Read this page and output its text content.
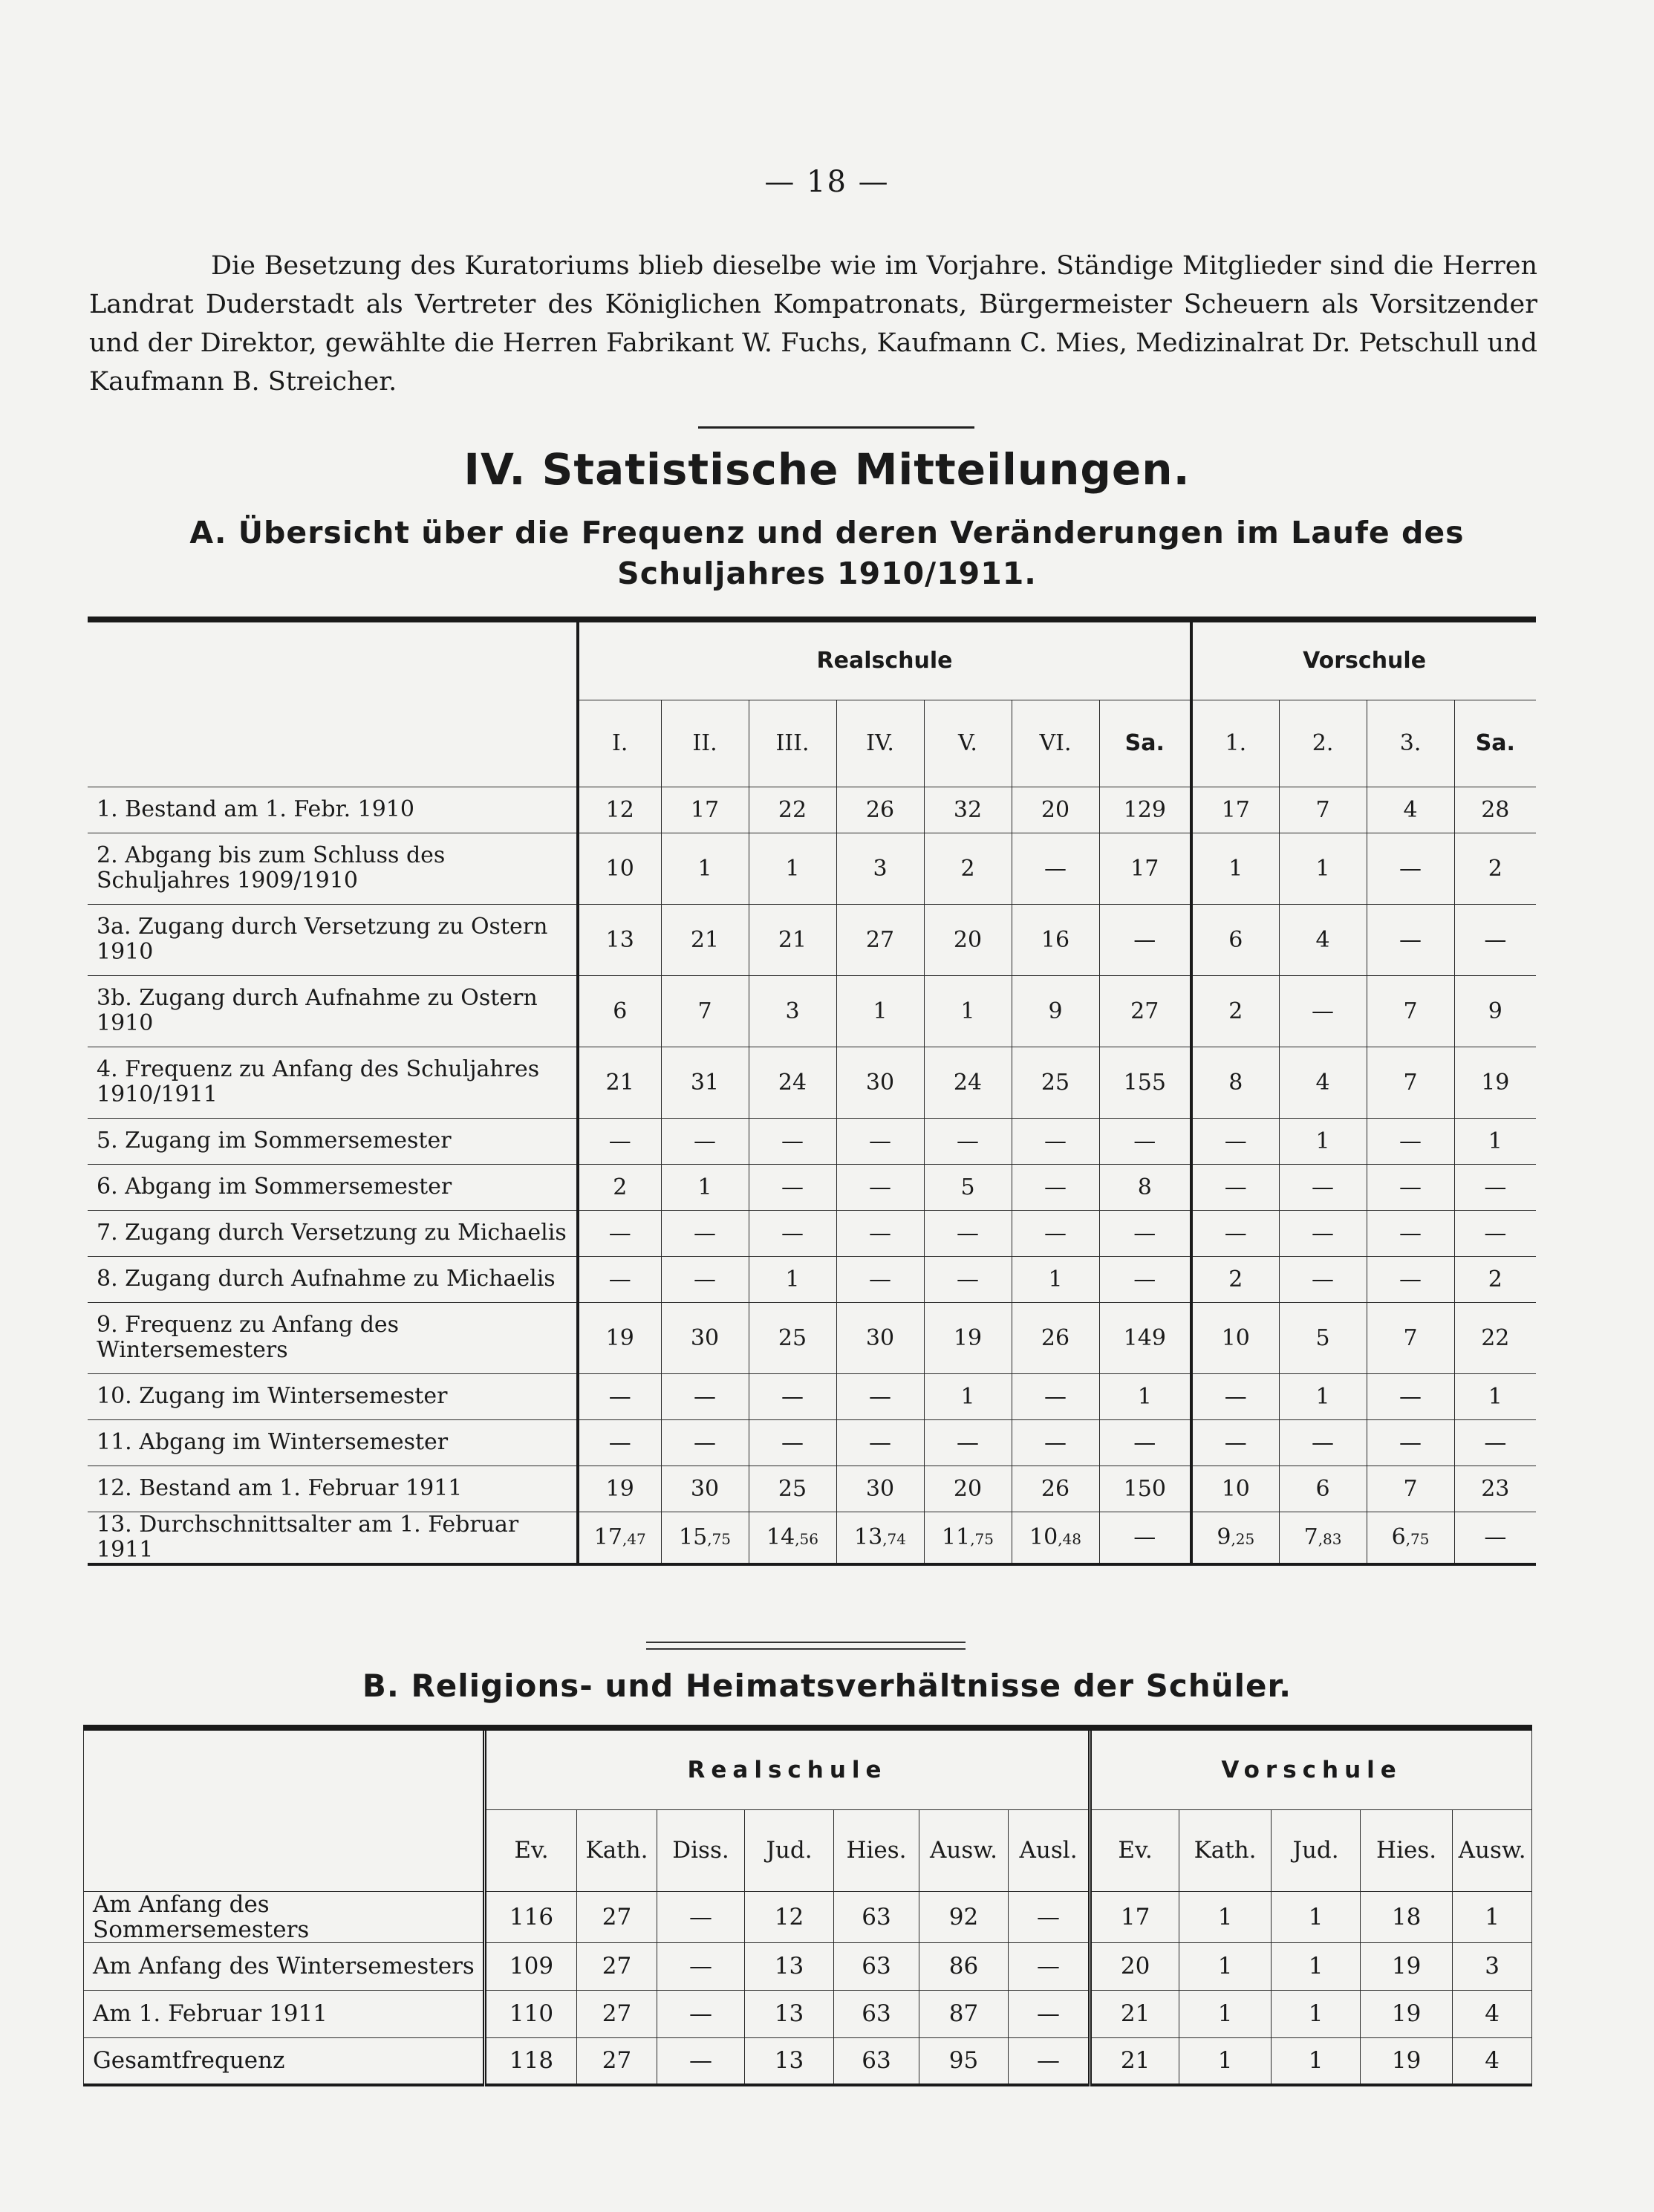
— 18 —

Die Besetzung des Kuratoriums blieb dieselbe wie im Vorjahre. Ständige Mitglieder sind die Herren Landrat Duderstadt als Vertreter des Königlichen Kompatronats, Bürgermeister Scheuern als Vorsitzender und der Direktor, gewählte die Herren Fabrikant W. Fuchs, Kaufmann C. Mies, Medizinalrat Dr. Petschull und Kaufmann B. Streicher.

IV. Statistische Mitteilungen.
A. Übersicht über die Frequenz und deren Veränderungen im Laufe des Schuljahres 1910/1911.
	Realschule							Vorschule			
	I.	II.	III.	IV.	V.	VI.	Sa.	1.	2.	3.	Sa.
1. Bestand am 1. Febr. 1910	12	17	22	26	32	20	129	17	7	4	28
2. Abgang bis zum Schluss des Schuljahres 1909/1910	10	1	1	3	2	—	17	1	1	—	2
3a. Zugang durch Versetzung zu Ostern 1910	13	21	21	27	20	16	—	6	4	—	—
3b. Zugang durch Aufnahme zu Ostern 1910	6	7	3	1	1	9	27	2	—	7	9
4. Frequenz zu Anfang des Schuljahres 1910/1911	21	31	24	30	24	25	155	8	4	7	19
5. Zugang im Sommersemester	—	—	—	—	—	—	—	—	1	—	1
6. Abgang im Sommersemester	2	1	—	—	5	—	8	—	—	—	—
7. Zugang durch Versetzung zu Michaelis	—	—	—	—	—	—	—	—	—	—	—
8. Zugang durch Aufnahme zu Michaelis	—	—	1	—	—	1	—	2	—	—	2
9. Frequenz zu Anfang des Wintersemesters	19	30	25	30	19	26	149	10	5	7	22
10. Zugang im Wintersemester	—	—	—	—	1	—	1	—	1	—	1
11. Abgang im Wintersemester	—	—	—	—	—	—	—	—	—	—	—
12. Bestand am 1. Februar 1911	19	30	25	30	20	26	150	10	6	7	23
13. Durchschnittsalter am 1. Februar 1911	17,47	15,75	14,56	13,74	11,75	10,48	—	9,25	7,83	6,75	—
B. Religions- und Heimatsverhältnisse der Schüler.
	Realschule							Vorschule				
	Ev.	Kath.	Diss.	Jud.	Hies.	Ausw.	Ausl.	Ev.	Kath.	Jud.	Hies.	Ausw.
Am Anfang des Sommersemesters	116	27	—	12	63	92	—	17	1	1	18	1
Am Anfang des Wintersemesters	109	27	—	13	63	86	—	20	1	1	19	3
Am 1. Februar 1911	110	27	—	13	63	87	—	21	1	1	19	4
Gesamtfrequenz	118	27	—	13	63	95	—	21	1	1	19	4
